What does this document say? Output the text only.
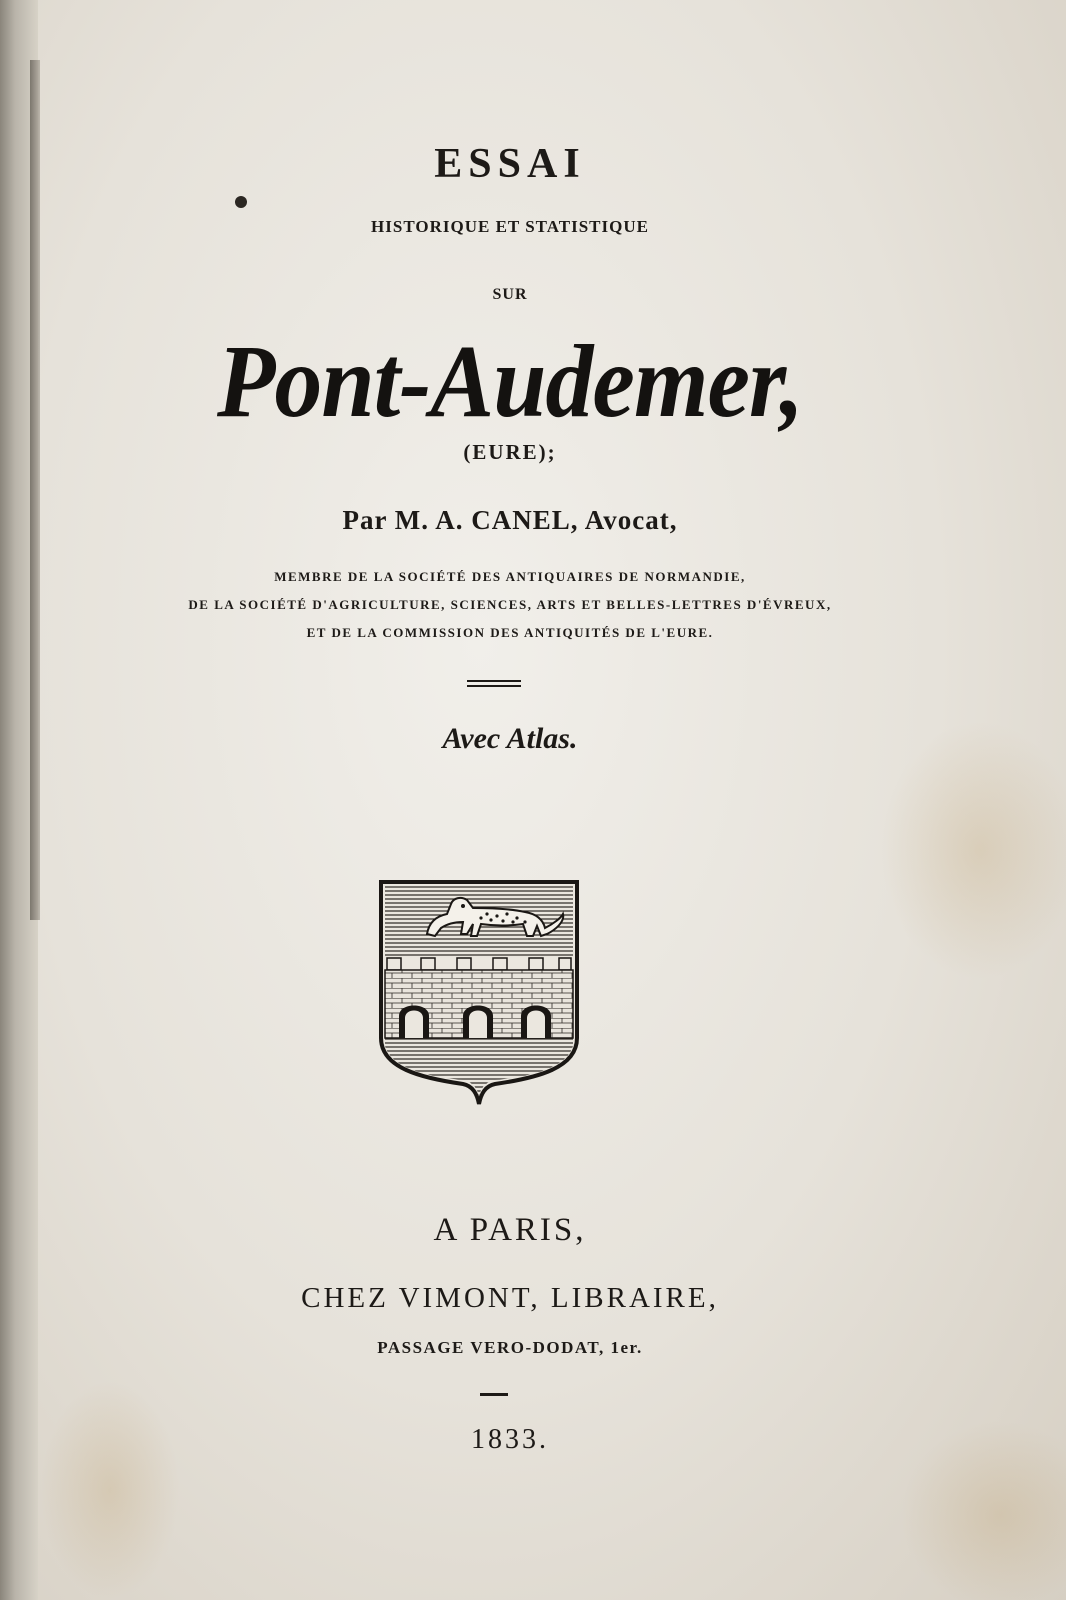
ESSAI
HISTORIQUE ET STATISTIQUE
SUR
Pont-Audemer,
(EURE);
Par M. A. CANEL, Avocat,
MEMBRE DE LA SOCIÉTÉ DES ANTIQUAIRES DE NORMANDIE,
DE LA SOCIÉTÉ D'AGRICULTURE, SCIENCES, ARTS ET BELLES-LETTRES D'ÉVREUX,
ET DE LA COMMISSION DES ANTIQUITÉS DE L'EURE.
Avec Atlas.
A PARIS,
CHEZ VIMONT, LIBRAIRE,
PASSAGE VERO-DODAT, 1er.
1833.
